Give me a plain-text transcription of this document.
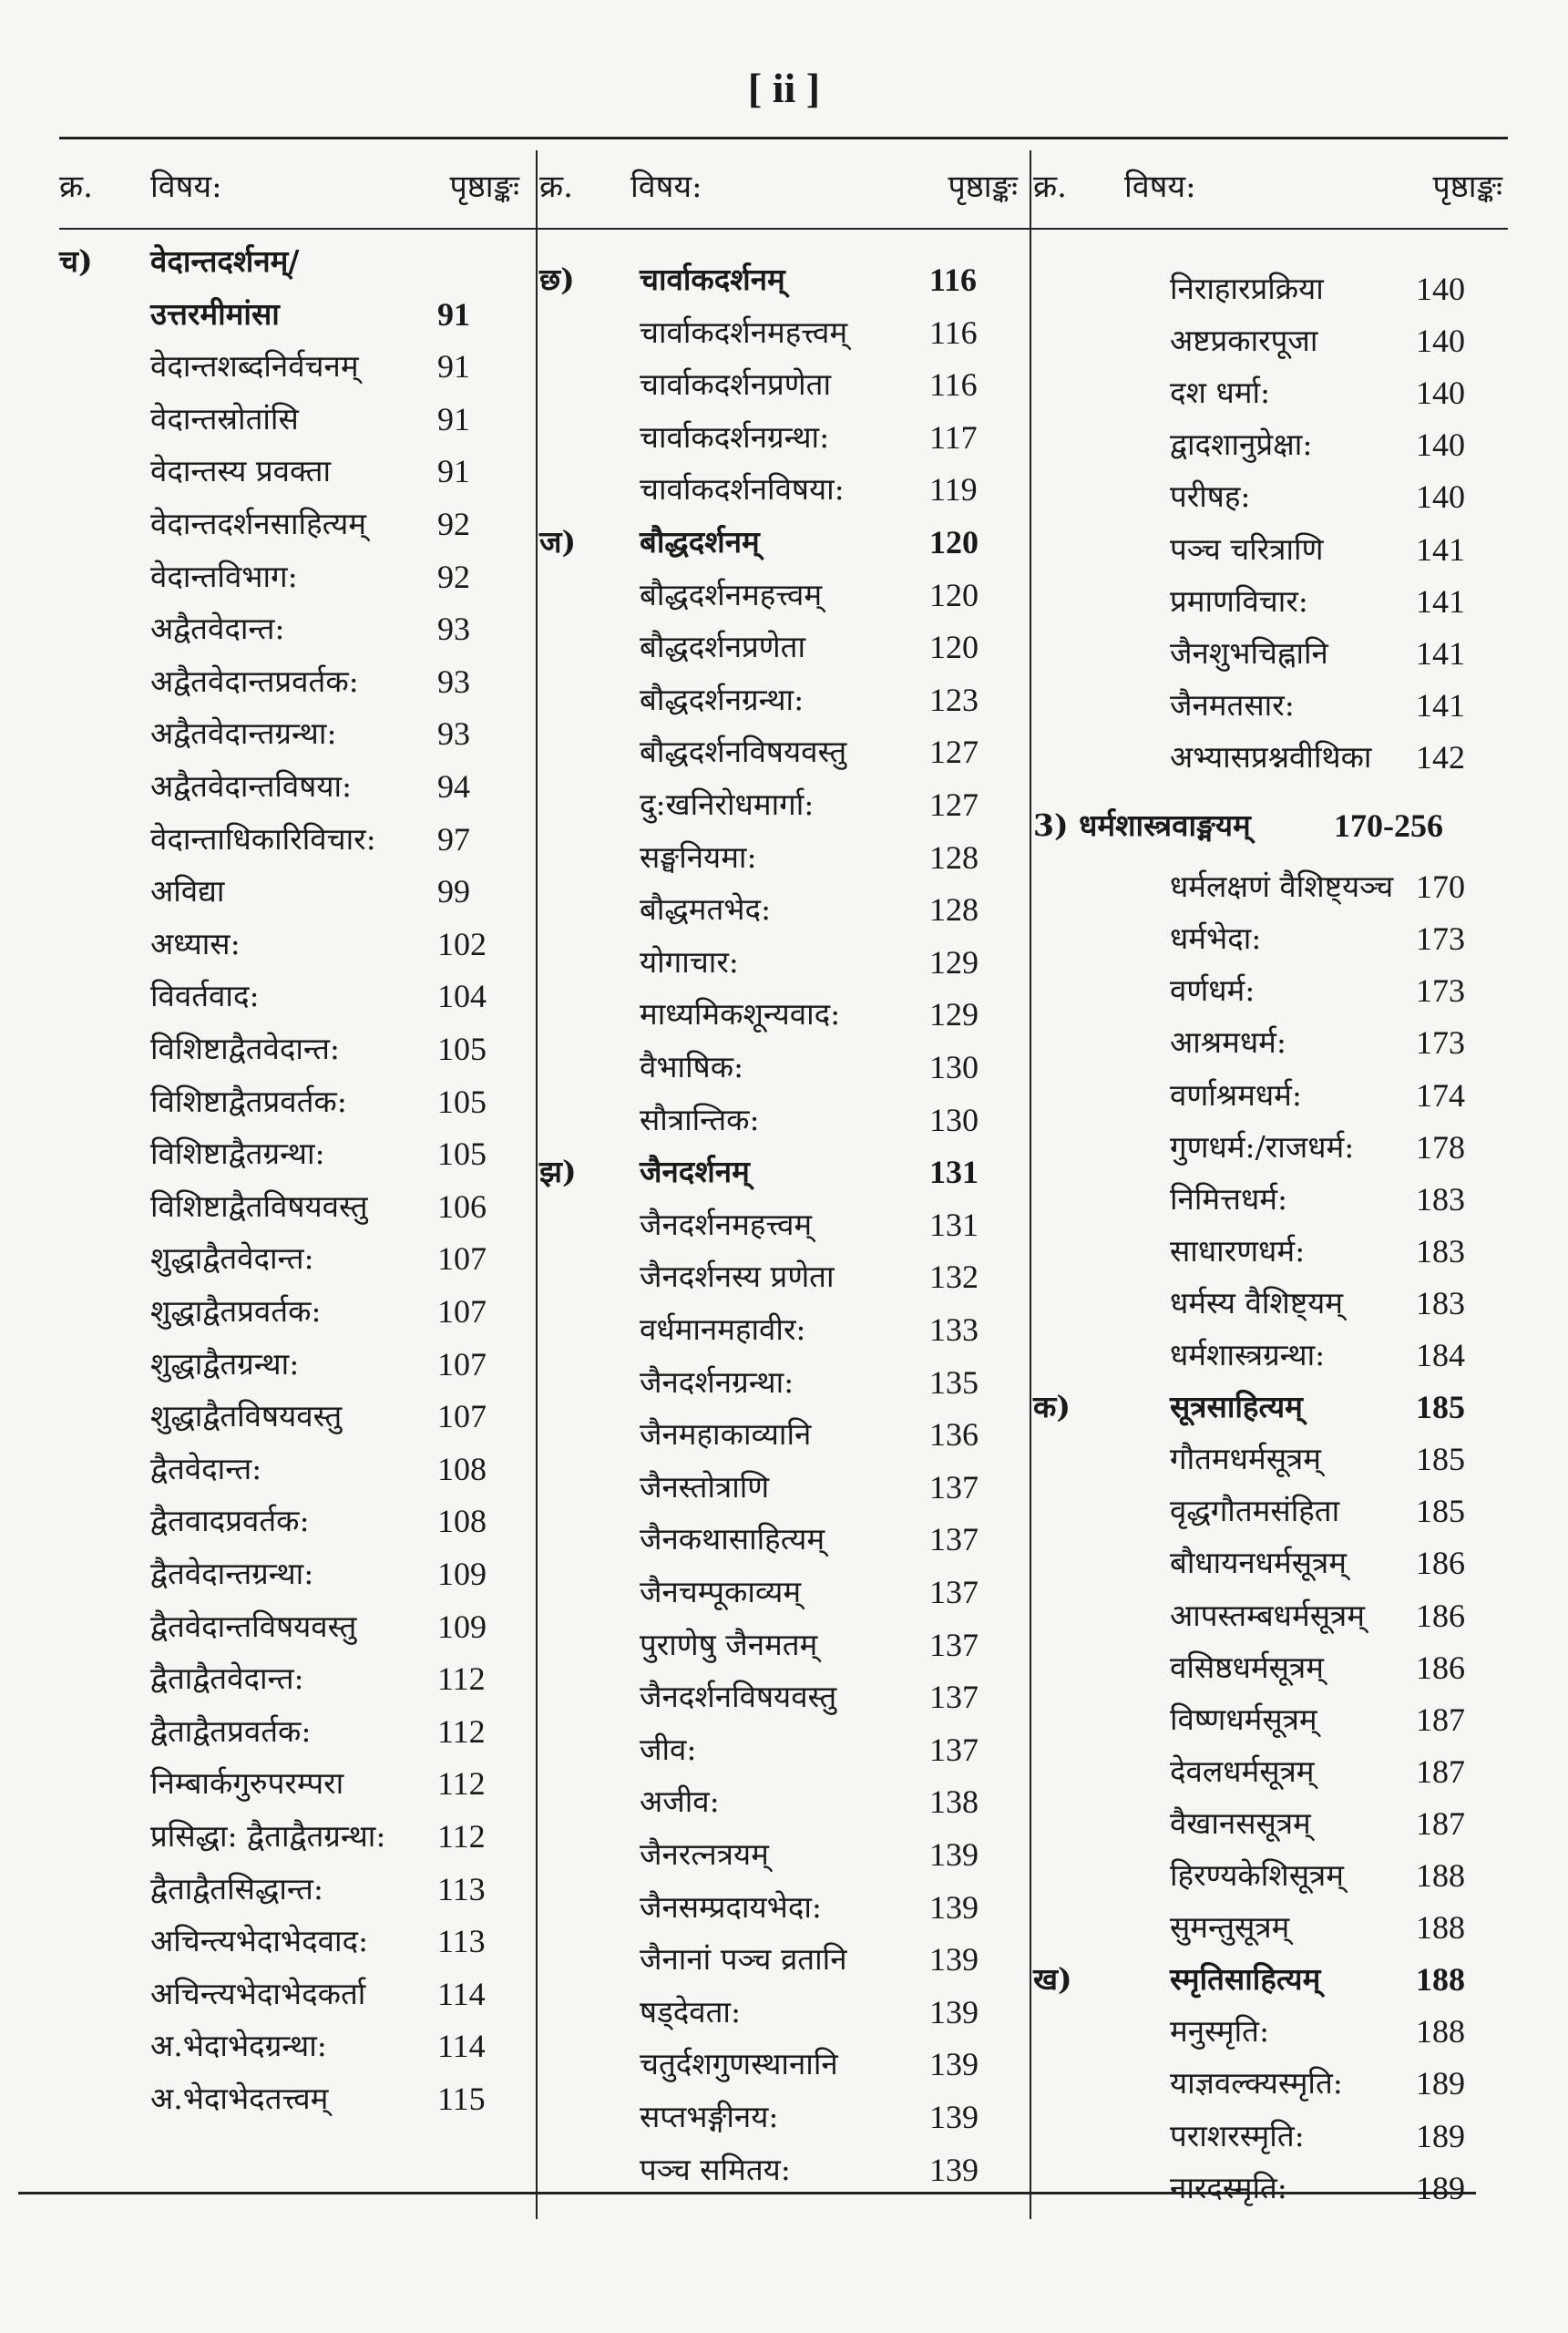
[ ii ]
क्र. विषय:	पृष्ठाङ्कः
च) वेदान्तदर्शनम्/
उत्तरमीमांसा	91
वेदान्तशब्दनिर्वचनम् 91
वेदान्तस्रोतांसि	91
वेदान्तस्य प्रवक्ता	91
वेदान्तदर्शनसाहित्यम् 92
वेदान्तविभाग:	92
अद्वैतवेदान्त:	93
अद्वैतवेदान्तप्रवर्तक: 93
अद्वैतवेदान्तग्रन्था:	93
अद्वैतवेदान्तविषया:	94
वेदान्ताधिकारिविचार: 97
अविद्या	99
अध्यास:	102
विवर्तवाद:	104
विशिष्टाद्वैतवेदान्त:	105
विशिष्टाद्वैतप्रवर्तक:	105
विशिष्टाद्वैतग्रन्था:	105
विशिष्टाद्वैतविषयवस्तु 106
शुद्धाद्वैतवेदान्त:	107
शुद्धाद्वैतप्रवर्तक:	107
शुद्धाद्वैतग्रन्था:	107
शुद्धाद्वैतविषयवस्तु	107
द्वैतवेदान्त:	108
द्वैतवादप्रवर्तक:	108
द्वैतवेदान्तग्रन्था:	109
द्वैतवेदान्तविषयवस्तु 109
द्वैताद्वैतवेदान्त:	112
द्वैताद्वैतप्रवर्तक:	112
निम्बार्कगुरुपरम्परा	112
प्रसिद्धा: द्वैताद्वैतग्रन्था: 112
द्वैताद्वैतसिद्धान्त:	113
अचिन्त्यभेदाभेदवाद: 113
अचिन्त्यभेदाभेदकर्ता 114
अ.भेदाभेदग्रन्था:	114
अ.भेदाभेदतत्त्वम्	115
क्र. विषय:	पृष्ठाङ्कः
छ) चार्वाकदर्शनम्	116
चार्वाकदर्शनमहत्त्वम् 116
चार्वाकदर्शनप्रणेता	116
चार्वाकदर्शनग्रन्था:	117
चार्वाकदर्शनविषया:	119
ज) बौद्धदर्शनम्	120
बौद्धदर्शनमहत्त्वम्	120
बौद्धदर्शनप्रणेता	120
बौद्धदर्शनग्रन्था:	123
बौद्धदर्शनविषयवस्तु	127
दु:खनिरोधमार्गा:	127
सङ्घनियमा:	128
बौद्धमतभेद:	128
योगाचार:	129
माध्यमिकशून्यवाद:	129
वैभाषिक:	130
सौत्रान्तिक:	130
झ) जैनदर्शनम्	131
जैनदर्शनमहत्त्वम्	131
जैनदर्शनस्य प्रणेता	132
वर्धमानमहावीर:	133
जैनदर्शनग्रन्था:	135
जैनमहाकाव्यानि	136
जैनस्तोत्राणि	137
जैनकथासाहित्यम्	137
जैनचम्पूकाव्यम्	137
पुराणेषु जैनमतम्	137
जैनदर्शनविषयवस्तु	137
जीव:	137
अजीव:	138
जैनरत्नत्रयम्	139
जैनसम्प्रदायभेदा:	139
जैनानां पञ्च व्रतानि	139
षड्देवता:	139
चतुर्दशगुणस्थानानि	139
सप्तभङ्गीनय:	139
पञ्च समितय:	139
क्र. विषय:	पृष्ठाङ्कः
निराहारप्रक्रिया	140
अष्टप्रकारपूजा	140
दश धर्मा:	140
द्वादशानुप्रेक्षा:	140
परीषह:	140
पञ्च चरित्राणि	141
प्रमाणविचार:	141
जैनशुभचिह्नानि	141
जैनमतसार:	141
अभ्यासप्रश्नवीथिका 142
3) धर्मशास्त्रवाङ्मयम्	170-256
धर्मलक्षणं वैशिष्ट्यञ्च 170
धर्मभेदा:	173
वर्णधर्म:	173
आश्रमधर्म:	173
वर्णाश्रमधर्म:	174
गुणधर्म:/राजधर्म: 178
निमित्तधर्म:	183
साधारणधर्म:	183
धर्मस्य वैशिष्ट्यम् 183
धर्मशास्त्रग्रन्था:	184
क)	सूत्रसाहित्यम्	185
गौतमधर्मसूत्रम्	185
वृद्धगौतमसंहिता 185
बौधायनधर्मसूत्रम् 186
आपस्तम्बधर्मसूत्रम् 186
वसिष्ठधर्मसूत्रम्	186
विष्णधर्मसूत्रम्	187
देवलधर्मसूत्रम्	187
वैखानससूत्रम्	187
हिरण्यकेशिसूत्रम् 188
सुमन्तुसूत्रम्	188
ख)	स्मृतिसाहित्यम्	188
मनुस्मृति:	188
याज्ञवल्क्यस्मृति: 189
पराशरस्मृति:	189
नारदस्मृति:	189
